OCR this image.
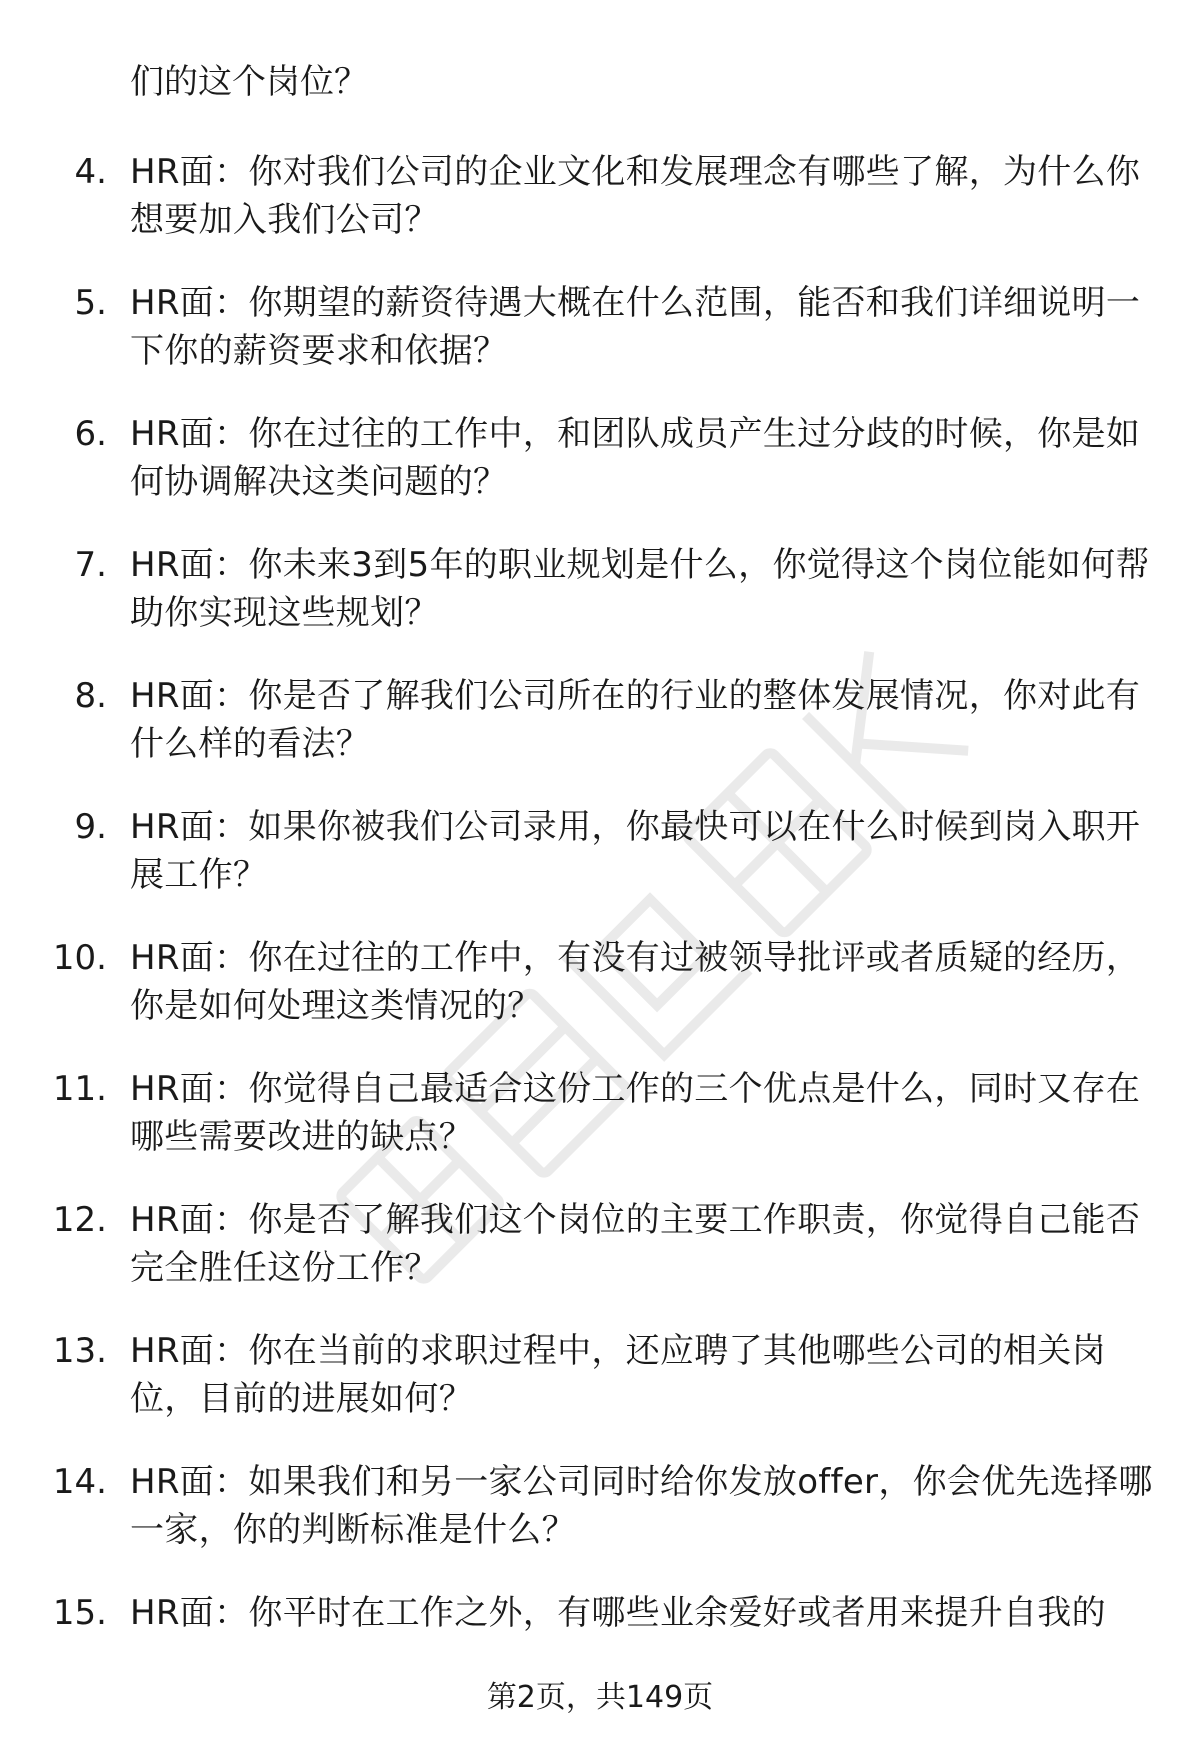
们的这个岗位？
4. HR面：你对我们公司的企业文化和发展理念有哪些了解，为什么你想要加入我们公司？
5. HR面：你期望的薪资待遇大概在什么范围，能否和我们详细说明一下你的薪资要求和依据？
6. HR面：你在过往的工作中，和团队成员产生过分歧的时候，你是如何协调解决这类问题的？
7. HR面：你未来3到5年的职业规划是什么，你觉得这个岗位能如何帮助你实现这些规划？
8. HR面：你是否了解我们公司所在的行业的整体发展情况，你对此有什么样的看法？
9. HR面：如果你被我们公司录用，你最快可以在什么时候到岗入职开展工作？
10. HR面：你在过往的工作中，有没有过被领导批评或者质疑的经历，你是如何处理这类情况的？
11. HR面：你觉得自己最适合这份工作的三个优点是什么，同时又存在哪些需要改进的缺点？
12. HR面：你是否了解我们这个岗位的主要工作职责，你觉得自己能否完全胜任这份工作？
13. HR面：你在当前的求职过程中，还应聘了其他哪些公司的相关岗位，目前的进展如何？
14. HR面：如果我们和另一家公司同时给你发放offer，你会优先选择哪一家，你的判断标准是什么？
15. HR面：你平时在工作之外，有哪些业余爱好或者用来提升自我的
第2页，共149页
